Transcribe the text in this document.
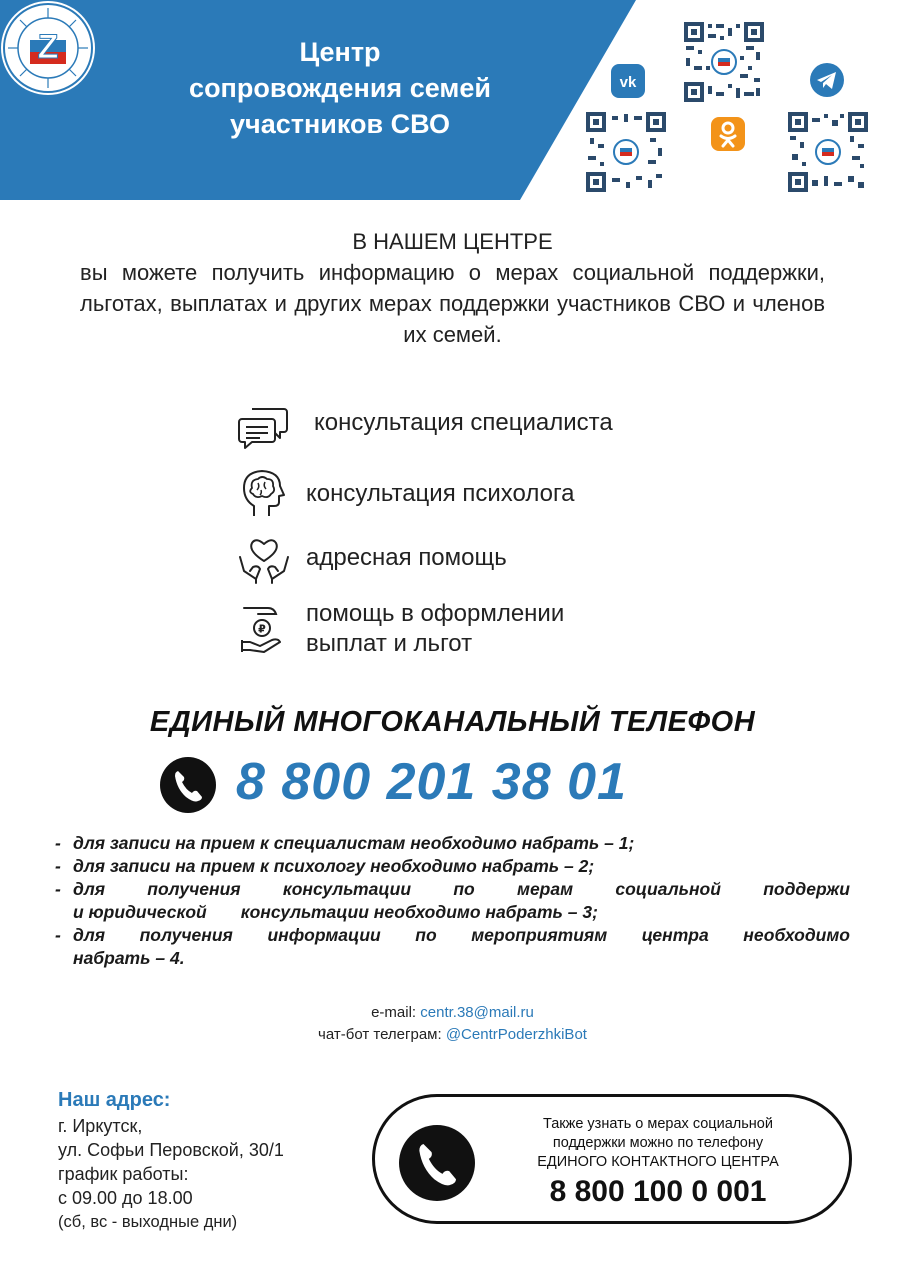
Z	Центр
сопровождения семей
участников СВО
vk
В НАШЕМ ЦЕНТРЕ
вы можете получить информацию о мерах социальной поддержки, льготах, выплатах и других мерах поддержки участников СВО и членов их семей.
консультация специалиста
консультация психолога
адресная помощь
₽
помощь в оформлении
выплат и льгот
ЕДИНЫЙ МНОГОКАНАЛЬНЫЙ ТЕЛЕФОН
8 800 201 38 01
- для записи на прием к специалистам необходимо набрать – 1;
- для записи на прием к психологу необходимо набрать – 2;
- для получения консультации по мерам социальной поддержи
и юридической       консультации необходимо набрать – 3;
- для получения информации по мероприятиям центра необходимо
набрать – 4.
e-mail: centr.38@mail.ru
чат-бот телеграм: @CentrPoderzhkiBot
Наш адрес:
г. Иркутск,
ул. Софьи Перовской, 30/1
график работы:
с 09.00 до 18.00
(сб, вс - выходные дни)
Также узнать о мерах социальной
поддержки можно по телефону
ЕДИНОГО КОНТАКТНОГО ЦЕНТРА
8 800 100 0 001
